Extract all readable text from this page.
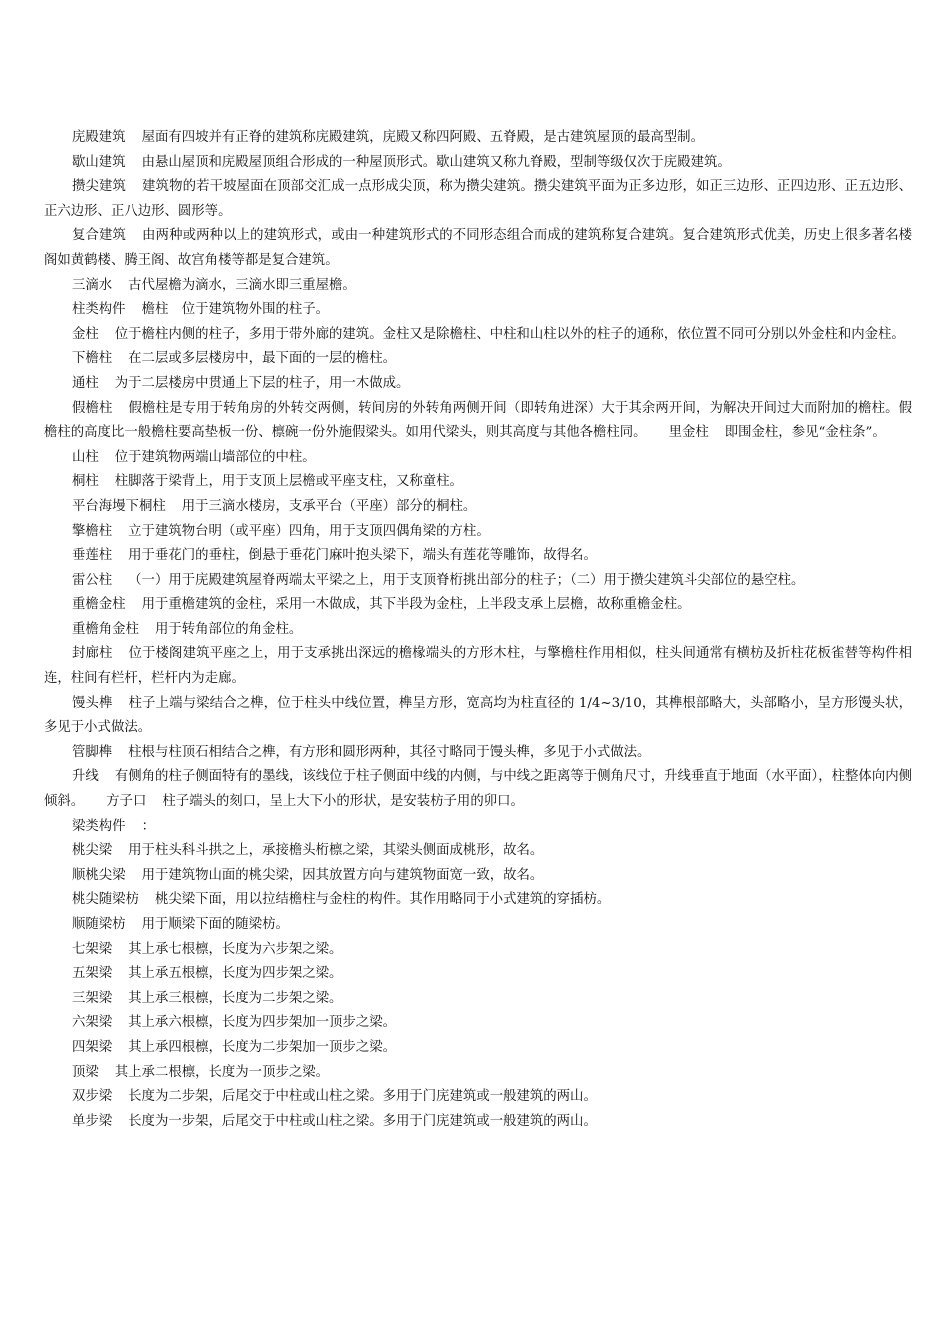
庑殿建筑 屋面有四坡并有正脊的建筑称庑殿建筑，庑殿又称四阿殿、五脊殿，是古建筑屋顶的最高型制。

歇山建筑 由悬山屋顶和庑殿屋顶组合形成的一种屋顶形式。歇山建筑又称九脊殿，型制等级仅次于庑殿建筑。

攒尖建筑 建筑物的若干坡屋面在顶部交汇成一点形成尖顶，称为攒尖建筑。攒尖建筑平面为正多边形，如正三边形、正四边形、正五边形、正六边形、正八边形、圆形等。

复合建筑 由两种或两种以上的建筑形式，或由一种建筑形式的不同形态组合而成的建筑称复合建筑。复合建筑形式优美，历史上很多著名楼阁如黄鹤楼、腾王阁、故宫角楼等都是复合建筑。

三滴水 古代屋檐为滴水，三滴水即三重屋檐。

柱类构件 檐柱　位于建筑物外围的柱子。

金柱 位于檐柱内侧的柱子，多用于带外廊的建筑。金柱又是除檐柱、中柱和山柱以外的柱子的通称，依位置不同可分别以外金柱和内金柱。

下檐柱 在二层或多层楼房中，最下面的一层的檐柱。

通柱 为于二层楼房中贯通上下层的柱子，用一木做成。

假檐柱 假檐柱是专用于转角房的外转交两侧，转间房的外转角两侧开间（即转角进深）大于其余两开间，为解决开间过大而附加的檐柱。假檐柱的高度比一般檐柱要高垫板一份、檩碗一份外施假梁头。如用代梁头，则其高度与其他各檐柱同。 里金柱 即围金柱，参见“金柱条”。

山柱 位于建筑物两端山墙部位的中柱。

桐柱 柱脚落于梁背上，用于支顶上层檐或平座支柱，又称童柱。

平台海墁下桐柱 用于三滴水楼房，支承平台（平座）部分的桐柱。

擎檐柱 立于建筑物台明（或平座）四角，用于支顶四偶角梁的方柱。

垂莲柱 用于垂花门的垂柱，倒悬于垂花门麻叶抱头梁下，端头有莲花等雕饰，故得名。

雷公柱 （一）用于庑殿建筑屋脊两端太平梁之上，用于支顶脊桁挑出部分的柱子；（二）用于攒尖建筑斗尖部位的悬空柱。

重檐金柱 用于重檐建筑的金柱，采用一木做成，其下半段为金柱，上半段支承上层檐，故称重檐金柱。

重檐角金柱 用于转角部位的角金柱。

封廊柱 位于楼阁建筑平座之上，用于支承挑出深远的檐椽端头的方形木柱，与擎檐柱作用相似，柱头间通常有横枋及折柱花板雀替等构件相连，柱间有栏杆，栏杆内为走廊。

馒头榫 柱子上端与梁结合之榫，位于柱头中线位置，榫呈方形，宽高均为柱直径的 1/4~3/10，其榫根部略大，头部略小，呈方形馒头状，多见于小式做法。

管脚榫 柱根与柱顶石相结合之榫，有方形和圆形两种，其径寸略同于馒头榫，多见于小式做法。

升线 有侧角的柱子侧面特有的墨线，该线位于柱子侧面中线的内侧，与中线之距离等于侧角尺寸，升线垂直于地面（水平面），柱整体向内侧倾斜。 方子口 柱子端头的刻口，呈上大下小的形状，是安装枋子用的卯口。

梁类构件 ：

桃尖梁 用于柱头科斗拱之上，承接檐头桁檩之梁，其梁头侧面成桃形，故名。

顺桃尖梁 用于建筑物山面的桃尖梁，因其放置方向与建筑物面宽一致，故名。

桃尖随梁枋 桃尖梁下面，用以拉结檐柱与金柱的构件。其作用略同于小式建筑的穿插枋。

顺随梁枋 用于顺梁下面的随梁枋。

七架梁 其上承七根檩，长度为六步架之梁。

五架梁 其上承五根檩，长度为四步架之梁。

三架梁 其上承三根檩，长度为二步架之梁。

六架梁 其上承六根檩，长度为四步架加一顶步之梁。

四架梁 其上承四根檩，长度为二步架加一顶步之梁。

顶梁 其上承二根檩，长度为一顶步之梁。

双步梁 长度为二步架，后尾交于中柱或山柱之梁。多用于门庑建筑或一般建筑的两山。

单步梁 长度为一步架，后尾交于中柱或山柱之梁。多用于门庑建筑或一般建筑的两山。
